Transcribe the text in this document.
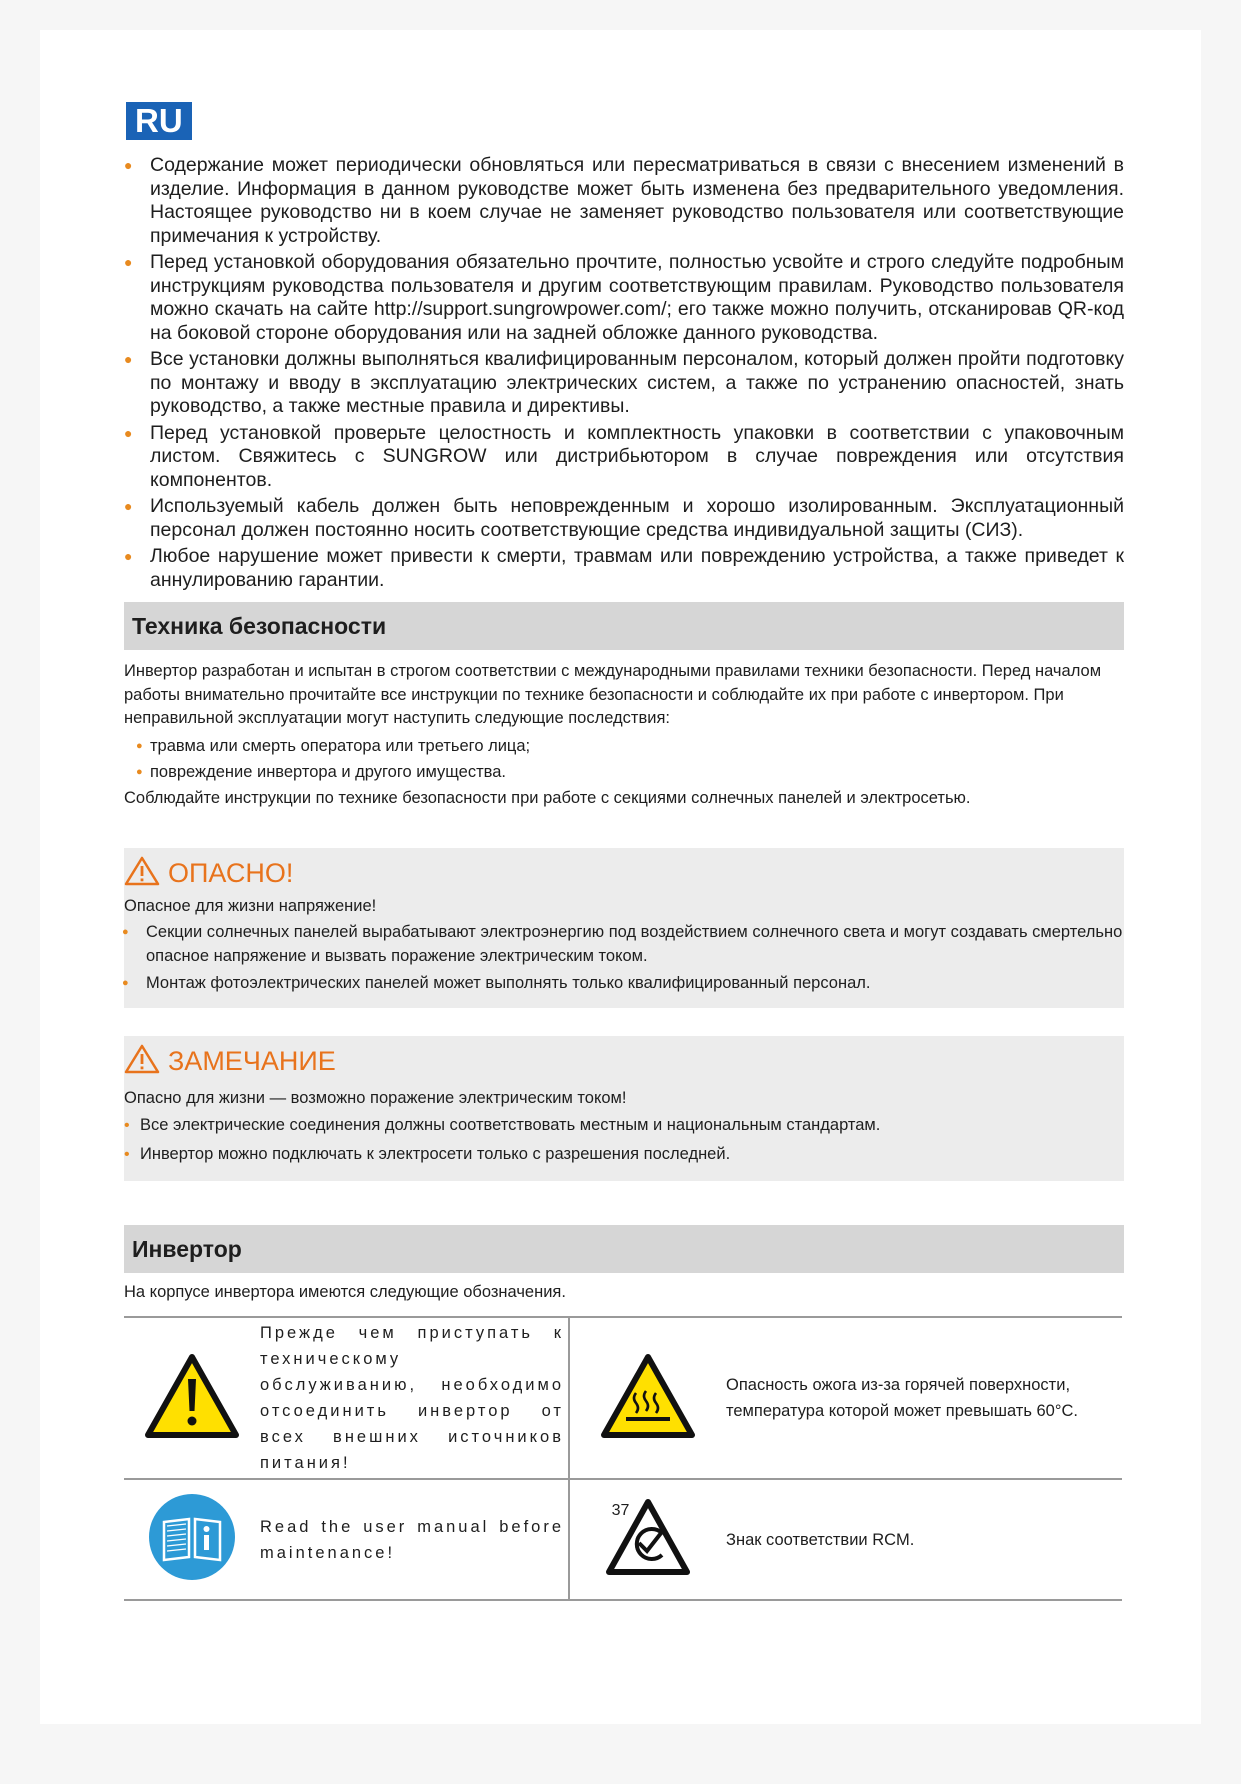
RU
● Содержание может периодически обновляться или пересматриваться в связи с внесением изменений в изделие. Информация в данном руководстве может быть изменена без предварительного уведомления. Настоящее руководство ни в коем случае не заменяет руководство пользователя или соответствующие примечания к устройству.
● Перед установкой оборудования обязательно прочтите, полностью усвойте и строго следуйте подробным инструкциям руководства пользователя и другим соответствующим правилам. Руководство пользователя можно скачать на сайте http://support.sungrowpower.com/; его также можно получить, отсканировав QR-код на боковой стороне оборудования или на задней обложке данного руководства.
● Все установки должны выполняться квалифицированным персоналом, который должен пройти подготовку по монтажу и вводу в эксплуатацию электрических систем, а также по устранению опасностей, знать руководство, а также местные правила и директивы.
● Перед установкой проверьте целостность и комплектность упаковки в соответствии с упаковочным листом. Свяжитесь с SUNGROW или дистрибьютором в случае повреждения или отсутствия компонентов.
● Используемый кабель должен быть неповрежденным и хорошо изолированным. Эксплуатационный персонал должен постоянно носить соответствующие средства индивидуальной защиты (СИЗ).
● Любое нарушение может привести к смерти, травмам или повреждению устройства, а также приведет к аннулированию гарантии.
Техника безопасности
Инвертор разработан и испытан в строгом соответствии с международными правилами техники безопасности. Перед началом работы внимательно прочитайте все инструкции по технике безопасности и соблюдайте их при работе с инвертором. При неправильной эксплуатации могут наступить следующие последствия:
● травма или смерть оператора или третьего лица;
● повреждение инвертора и другого имущества.
Соблюдайте инструкции по технике безопасности при работе с секциями солнечных панелей и электросетью.
ОПАСНО!
Опасное для жизни напряжение!
● Секции солнечных панелей вырабатывают электроэнергию под воздействием солнечного света и могут создавать смертельно опасное напряжение и вызвать поражение электрическим током.
● Монтаж фотоэлектрических панелей может выполнять только квалифицированный персонал.
ЗАМЕЧАНИЕ
Опасно для жизни — возможно поражение электрическим током!
• Все электрические соединения должны соответствовать местным и национальным стандартам.
• Инвертор можно подключать к электросети только с разрешения последней.
Инвертор
На корпусе инвертора имеются следующие обозначения.

Прежде чем приступать к техническому обслуживанию, необходимо отсоединить инвертор от всех внешних источников питания!		Опасность ожога из-за горячей поверхности, температура которой может превышать 60°C.

Read the user manual before maintenance!		Знак соответствии RCM.
37
